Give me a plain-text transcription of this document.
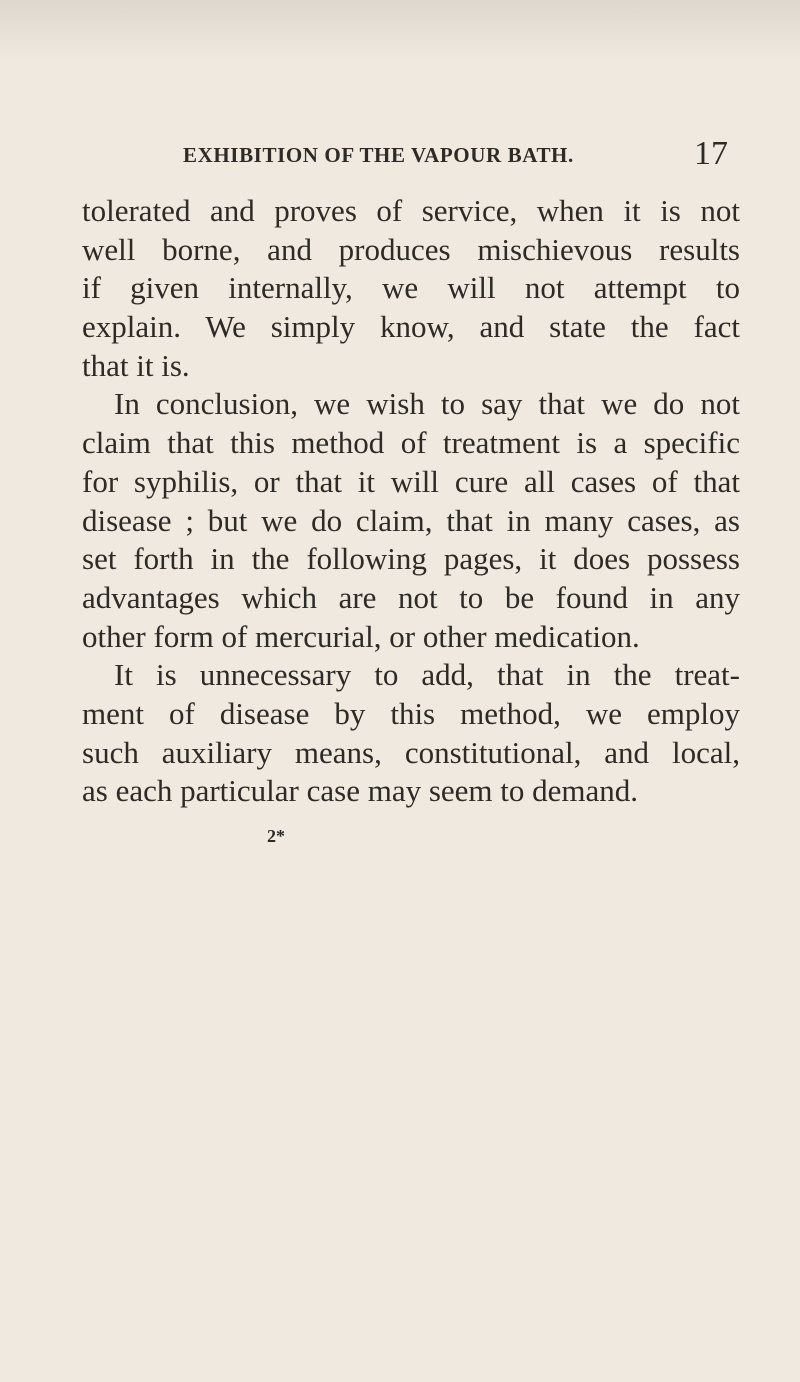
EXHIBITION OF THE VAPOUR BATH.	17
tolerated and proves of service, when it is not
well borne, and produces mischievous results
if given internally, we will not attempt to
explain. We simply know, and state the fact
that it is.
In conclusion, we wish to say that we do not
claim that this method of treatment is a specific
for syphilis, or that it will cure all cases of that
disease ; but we do claim, that in many cases, as
set forth in the following pages, it does possess
advantages which are not to be found in any
other form of mercurial, or other medication.
It is unnecessary to add, that in the treat-
ment of disease by this method, we employ
such auxiliary means, constitutional, and local,
as each particular case may seem to demand.
2*
